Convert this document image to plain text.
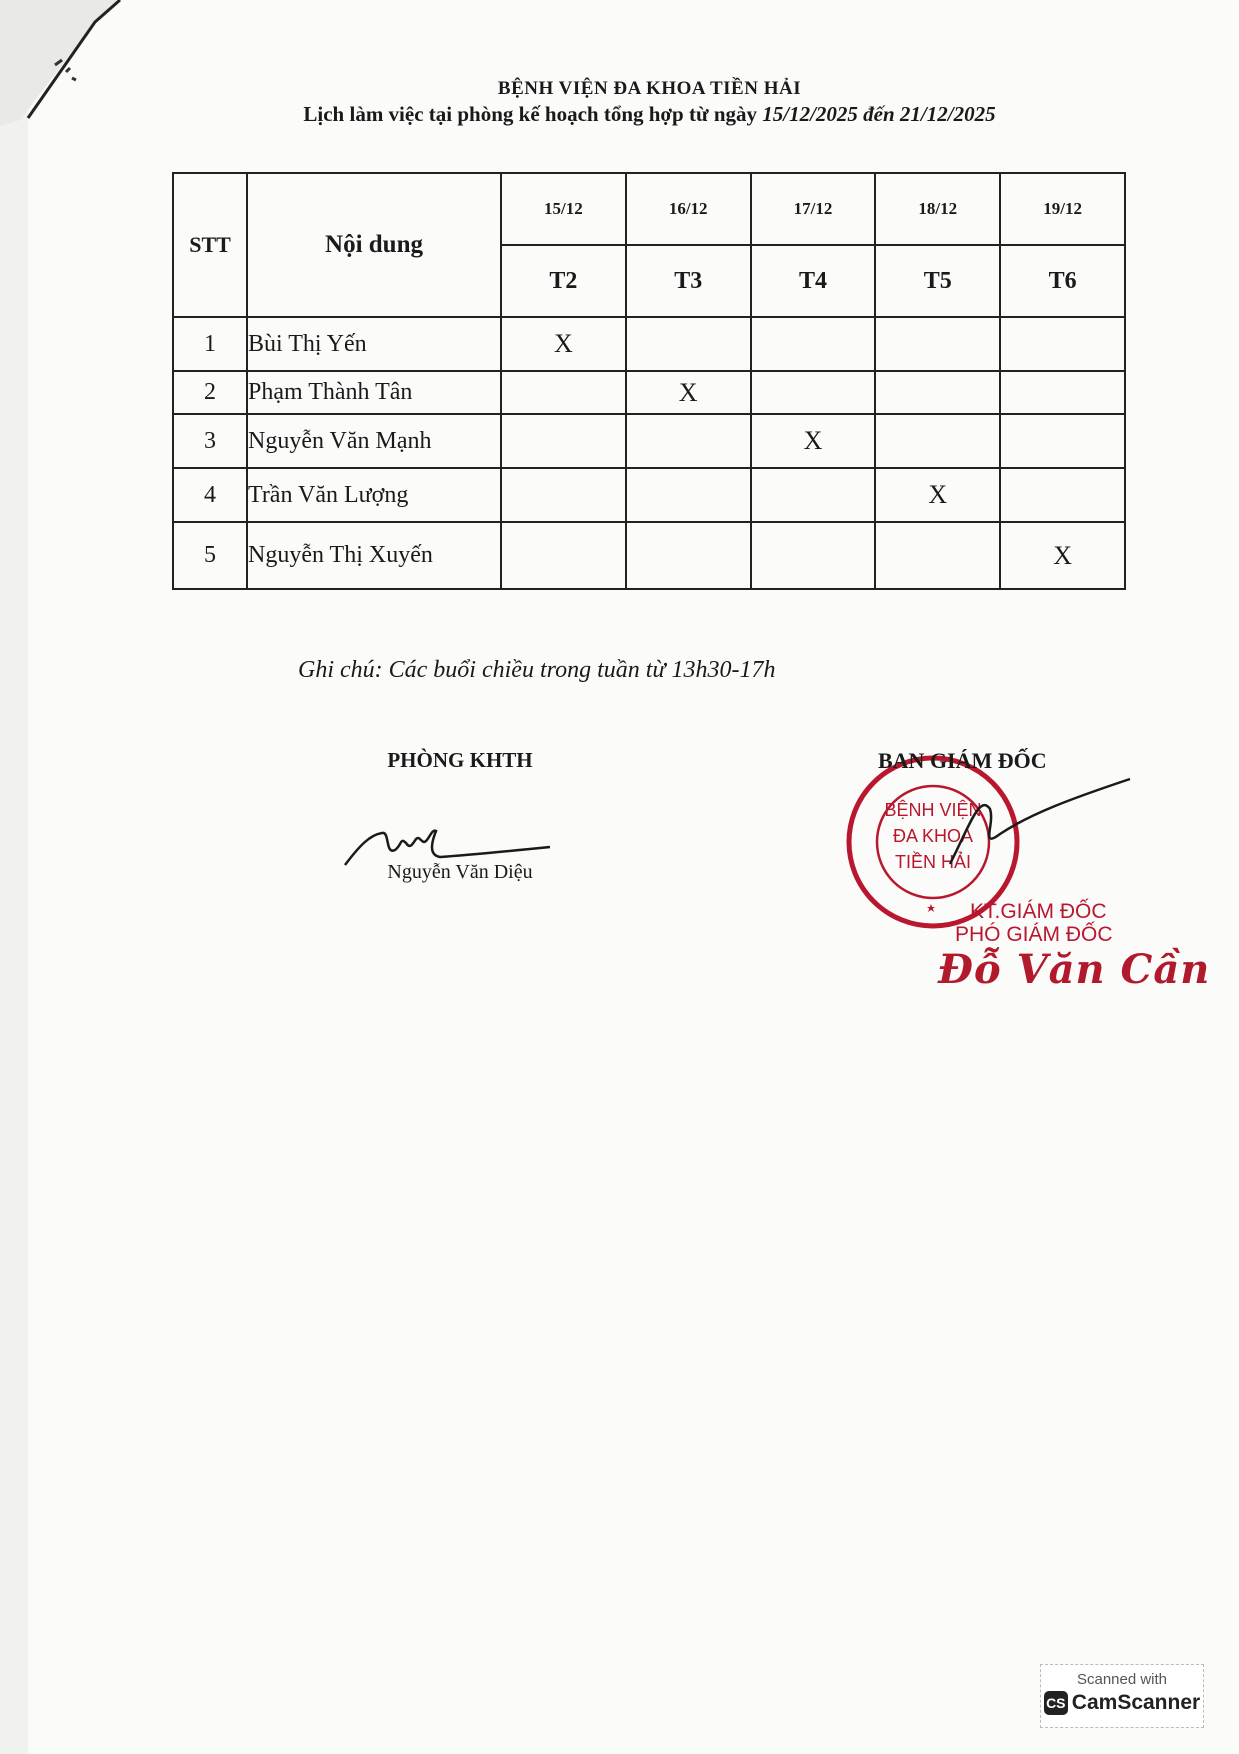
BỆNH VIỆN ĐA KHOA TIỀN HẢI
Lịch làm việc tại phòng kế hoạch tổng hợp từ ngày 15/12/2025 đến 21/12/2025
STT	Nội dung	15/12	16/12	17/12	18/12	19/12
		T2	T3	T4	T5	T6
1	Bùi Thị Yến	X				
2	Phạm Thành Tân		X			
3	Nguyễn Văn Mạnh			X		
4	Trần Văn Lượng				X	
5	Nguyễn Thị Xuyến					X
Ghi chú: Các buổi chiều trong tuần từ 13h30-17h
PHÒNG KHTH
Nguyễn Văn Diệu
BỆNH VIỆN
ĐA KHOA
TIỀN HẢI
BAN GIÁM ĐỐC
KT.GIÁM ĐỐC
PHÓ GIÁM ĐỐC
Đỗ Văn Cần
Scanned with
CS CamScanner
